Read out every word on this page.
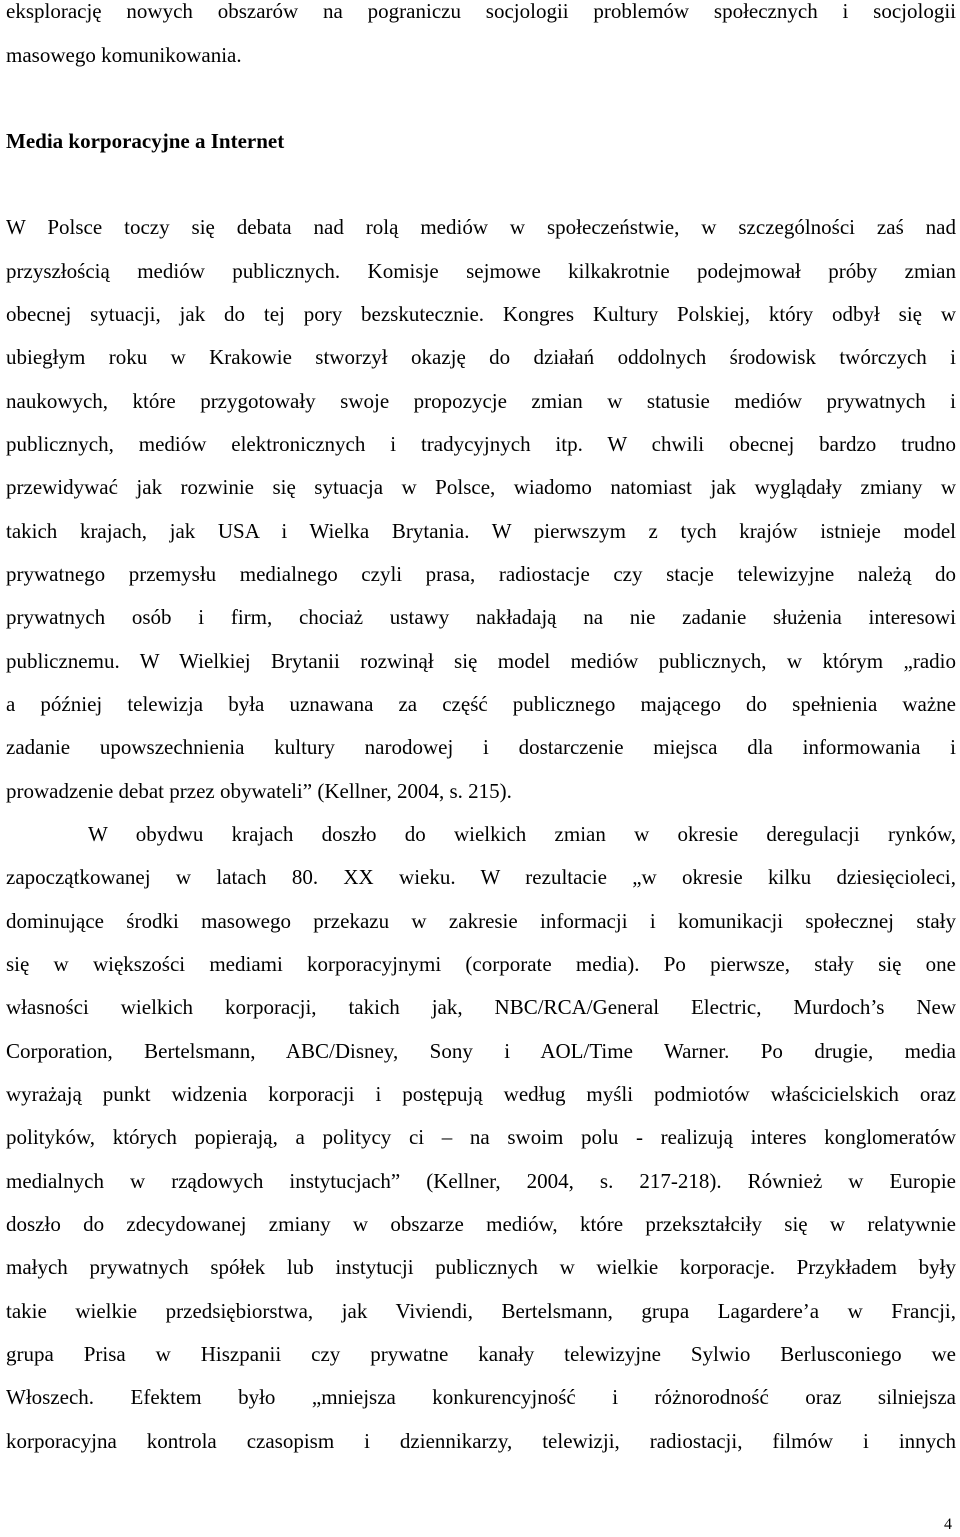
eksplorację nowych obszarów na pograniczu socjologii problemów społecznych i socjologii
masowego komunikowania.
Media korporacyjne a Internet
W Polsce toczy się debata nad rolą mediów w społeczeństwie, w szczególności zaś nad
przyszłością mediów publicznych. Komisje sejmowe kilkakrotnie podejmował próby zmian
obecnej sytuacji, jak do tej pory bezskutecznie. Kongres Kultury Polskiej, który odbył się w
ubiegłym roku w Krakowie stworzył okazję do działań oddolnych środowisk twórczych i
naukowych, które przygotowały swoje propozycje zmian w statusie mediów prywatnych i
publicznych, mediów elektronicznych i tradycyjnych itp. W chwili obecnej bardzo trudno
przewidywać jak rozwinie się sytuacja w Polsce, wiadomo natomiast jak wyglądały zmiany w
takich krajach, jak USA i Wielka Brytania. W pierwszym z tych krajów istnieje model
prywatnego przemysłu medialnego czyli prasa, radiostacje czy stacje telewizyjne należą do
prywatnych osób i firm, chociaż ustawy nakładają na nie zadanie służenia interesowi
publicznemu. W Wielkiej Brytanii rozwinął się model mediów publicznych, w którym „radio
a później telewizja była uznawana za część publicznego mającego do spełnienia ważne
zadanie upowszechnienia kultury narodowej i dostarczenie miejsca dla informowania i
prowadzenie debat przez obywateli” (Kellner, 2004, s. 215).
W obydwu krajach doszło do wielkich zmian w okresie deregulacji rynków,
zapoczątkowanej w latach 80. XX wieku. W rezultacie „w okresie kilku dziesięcioleci,
dominujące środki masowego przekazu w zakresie informacji i komunikacji społecznej stały
się w większości mediami korporacyjnymi (corporate media). Po pierwsze, stały się one
własności wielkich korporacji, takich jak, NBC/RCA/General Electric, Murdoch’s New
Corporation, Bertelsmann, ABC/Disney, Sony i AOL/Time Warner. Po drugie, media
wyrażają punkt widzenia korporacji i postępują według myśli podmiotów właścicielskich oraz
polityków, których popierają, a politycy ci – na swoim polu - realizują interes konglomeratów
medialnych w rządowych instytucjach” (Kellner, 2004, s. 217-218). Również w Europie
doszło do zdecydowanej zmiany w obszarze mediów, które przekształciły się w relatywnie
małych prywatnych spółek lub instytucji publicznych w wielkie korporacje. Przykładem były
takie wielkie przedsiębiorstwa, jak Viviendi, Bertelsmann, grupa Lagardere’a w Francji,
grupa Prisa w Hiszpanii czy prywatne kanały telewizyjne Sylwio Berlusconiego we
Włoszech. Efektem było „mniejsza konkurencyjność i różnorodność oraz silniejsza
korporacyjna kontrola czasopism i dziennikarzy, telewizji, radiostacji, filmów i innych
4
